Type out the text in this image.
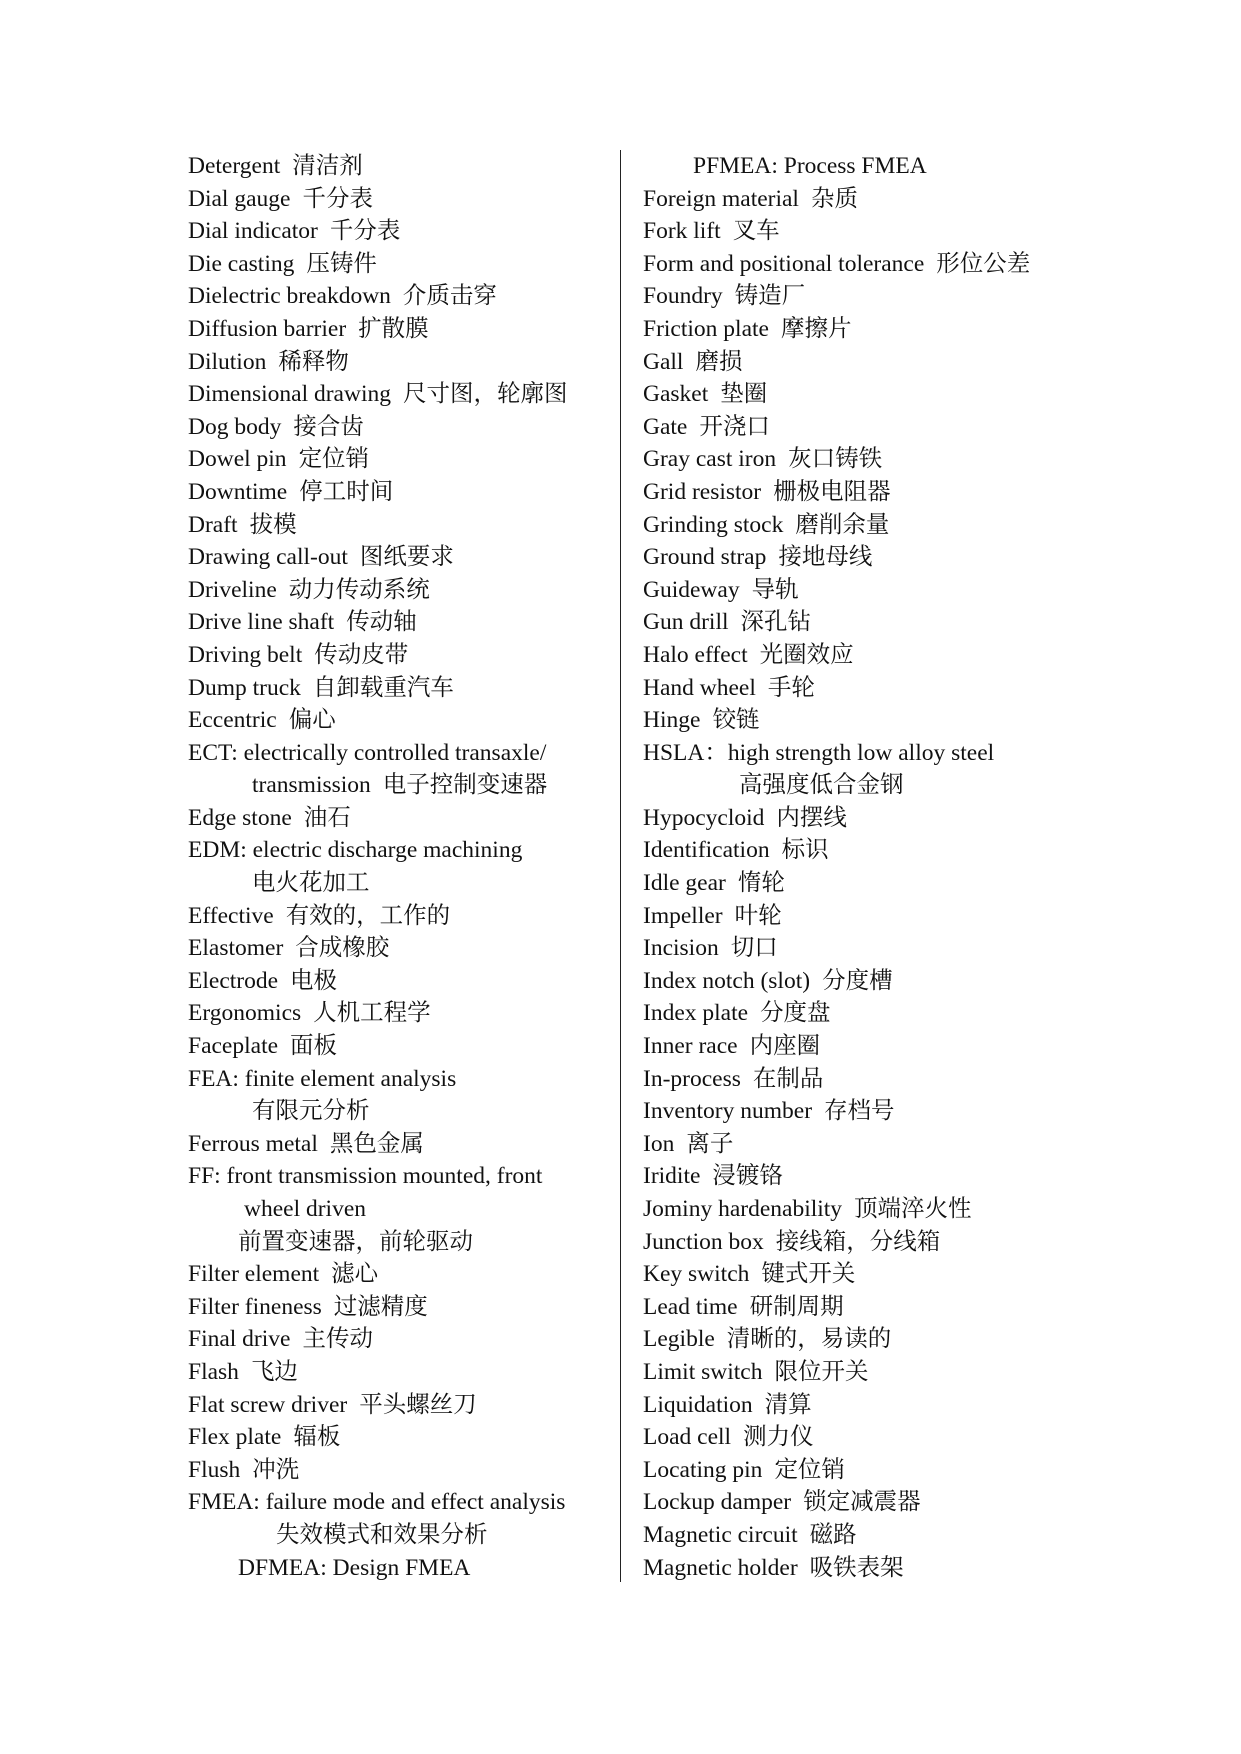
Detergent 清洁剂
Dial gauge 千分表
Dial indicator 千分表
Die casting 压铸件
Dielectric breakdown 介质击穿
Diffusion barrier 扩散膜
Dilution 稀释物
Dimensional drawing 尺寸图，轮廓图
Dog body 接合齿
Dowel pin 定位销
Downtime 停工时间
Draft 拔模
Drawing call-out 图纸要求
Driveline 动力传动系统
Drive line shaft 传动轴
Driving belt 传动皮带
Dump truck 自卸载重汽车
Eccentric 偏心
ECT: electrically controlled transaxle/
transmission 电子控制变速器
Edge stone 油石
EDM: electric discharge machining
电火花加工
Effective 有效的，工作的
Elastomer 合成橡胶
Electrode 电极
Ergonomics 人机工程学
Faceplate 面板
FEA: finite element analysis
有限元分析
Ferrous metal 黑色金属
FF: front transmission mounted, front
wheel driven
前置变速器，前轮驱动
Filter element 滤心
Filter fineness 过滤精度
Final drive 主传动
Flash 飞边
Flat screw driver 平头螺丝刀
Flex plate 辐板
Flush 冲洗
FMEA: failure mode and effect analysis
失效模式和效果分析
DFMEA: Design FMEA
PFMEA: Process FMEA
Foreign material 杂质
Fork lift 叉车
Form and positional tolerance 形位公差
Foundry 铸造厂
Friction plate 摩擦片
Gall 磨损
Gasket 垫圈
Gate 开浇口
Gray cast iron 灰口铸铁
Grid resistor 栅极电阻器
Grinding stock 磨削余量
Ground strap 接地母线
Guideway 导轨
Gun drill 深孔钻
Halo effect 光圈效应
Hand wheel 手轮
Hinge 铰链
HSLA：high strength low alloy steel
高强度低合金钢
Hypocycloid 内摆线
Identification 标识
Idle gear 惰轮
Impeller 叶轮
Incision 切口
Index notch (slot) 分度槽
Index plate 分度盘
Inner race 内座圈
In-process 在制品
Inventory number 存档号
Ion 离子
Iridite 浸镀铬
Jominy hardenability 顶端淬火性
Junction box 接线箱，分线箱
Key switch 键式开关
Lead time 研制周期
Legible 清晰的，易读的
Limit switch 限位开关
Liquidation 清算
Load cell 测力仪
Locating pin 定位销
Lockup damper 锁定减震器
Magnetic circuit 磁路
Magnetic holder 吸铁表架
